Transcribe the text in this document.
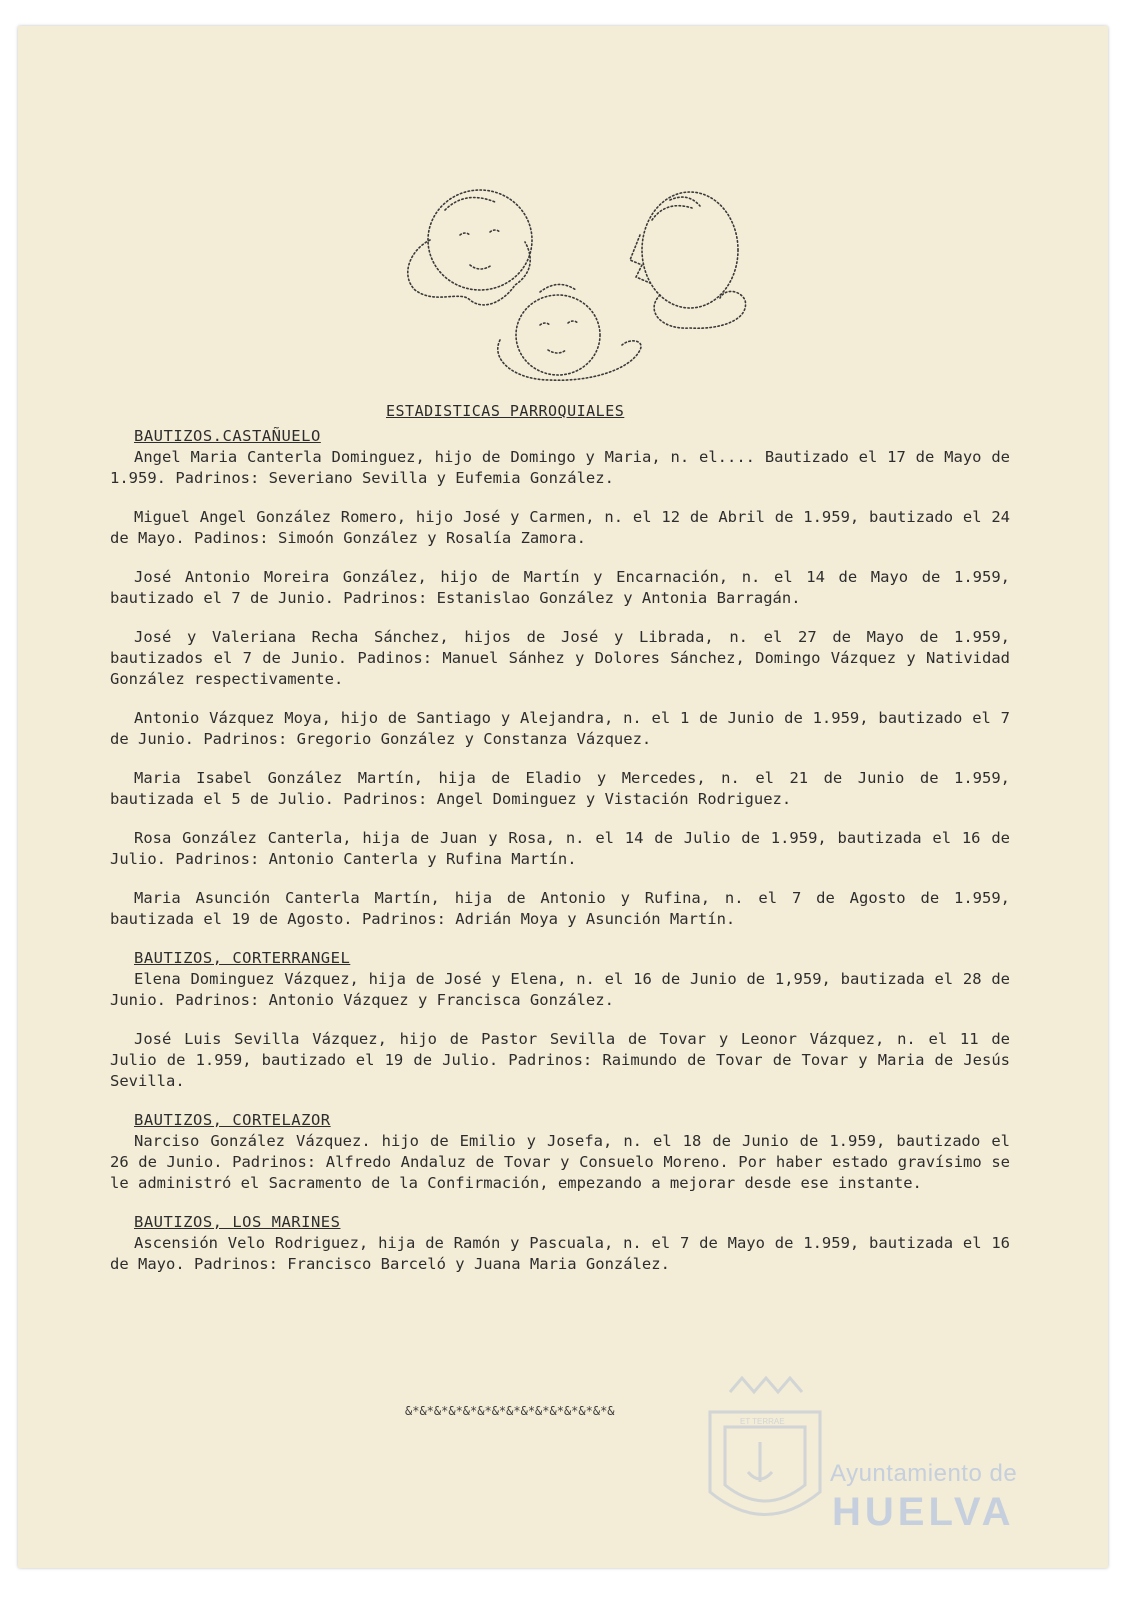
ESTADISTICAS PARROQUIALES
BAUTIZOS.CASTAÑUELO

Angel Maria Canterla Dominguez, hijo de Domingo y Maria, n. el.... Bautizado el 17 de Mayo de 1.959. Padrinos: Severiano Sevilla y Eufemia González.

Miguel Angel González Romero, hijo José y Carmen, n. el 12 de Abril de 1.959, bautizado el 24 de Mayo. Padinos: Simoón González y Rosalía Zamora.

José Antonio Moreira González, hijo de Martín y Encarnación, n. el 14 de Mayo de 1.959, bautizado el 7 de Junio. Padrinos: Estanislao González y Antonia Barragán.

José y Valeriana Recha Sánchez, hijos de José y Librada, n. el 27 de Mayo de 1.959, bautizados el 7 de Junio. Padinos: Manuel Sánhez y Dolores Sánchez, Domingo Vázquez y Natividad González respectivamente.

Antonio Vázquez Moya, hijo de Santiago y Alejandra, n. el 1 de Junio de 1.959, bautizado el 7 de Junio. Padrinos: Gregorio González y Constanza Vázquez.

Maria Isabel González Martín, hija de Eladio y Mercedes, n. el 21 de Junio de 1.959, bautizada el 5 de Julio. Padrinos: Angel Dominguez y Vistación Rodriguez.

Rosa González Canterla, hija de Juan y Rosa, n. el 14 de Julio de 1.959, bautizada el 16 de Julio. Padrinos: Antonio Canterla y Rufina Martín.

Maria Asunción Canterla Martín, hija de Antonio y Rufina, n. el 7 de Agosto de 1.959, bautizada el 19 de Agosto. Padrinos: Adrián Moya y Asunción Martín.

BAUTIZOS, CORTERRANGEL

Elena Dominguez Vázquez, hija de José y Elena, n. el 16 de Junio de 1,959, bautizada el 28 de Junio. Padrinos: Antonio Vázquez y Francisca González.

José Luis Sevilla Vázquez, hijo de Pastor Sevilla de Tovar y Leonor Vázquez, n. el 11 de Julio de 1.959, bautizado el 19 de Julio. Padrinos: Raimundo de Tovar de Tovar y Maria de Jesús Sevilla.

BAUTIZOS, CORTELAZOR

Narciso González Vázquez. hijo de Emilio y Josefa, n. el 18 de Junio de 1.959, bautizado el 26 de Junio. Padrinos: Alfredo Andaluz de Tovar y Consuelo Moreno. Por haber estado gravísimo se le administró el Sacramento de la Confirmación, empezando a mejorar desde ese instante.

BAUTIZOS, LOS MARINES

Ascensión Velo Rodriguez, hija de Ramón y Pascuala, n. el 7 de Mayo de 1.959, bautizada el 16 de Mayo. Padrinos: Francisco Barceló y Juana Maria González.

&*&*&*&*&*&*&*&*&*&*&*&*&*&*&
ET TERRAE
Ayuntamiento de
HUELVA
